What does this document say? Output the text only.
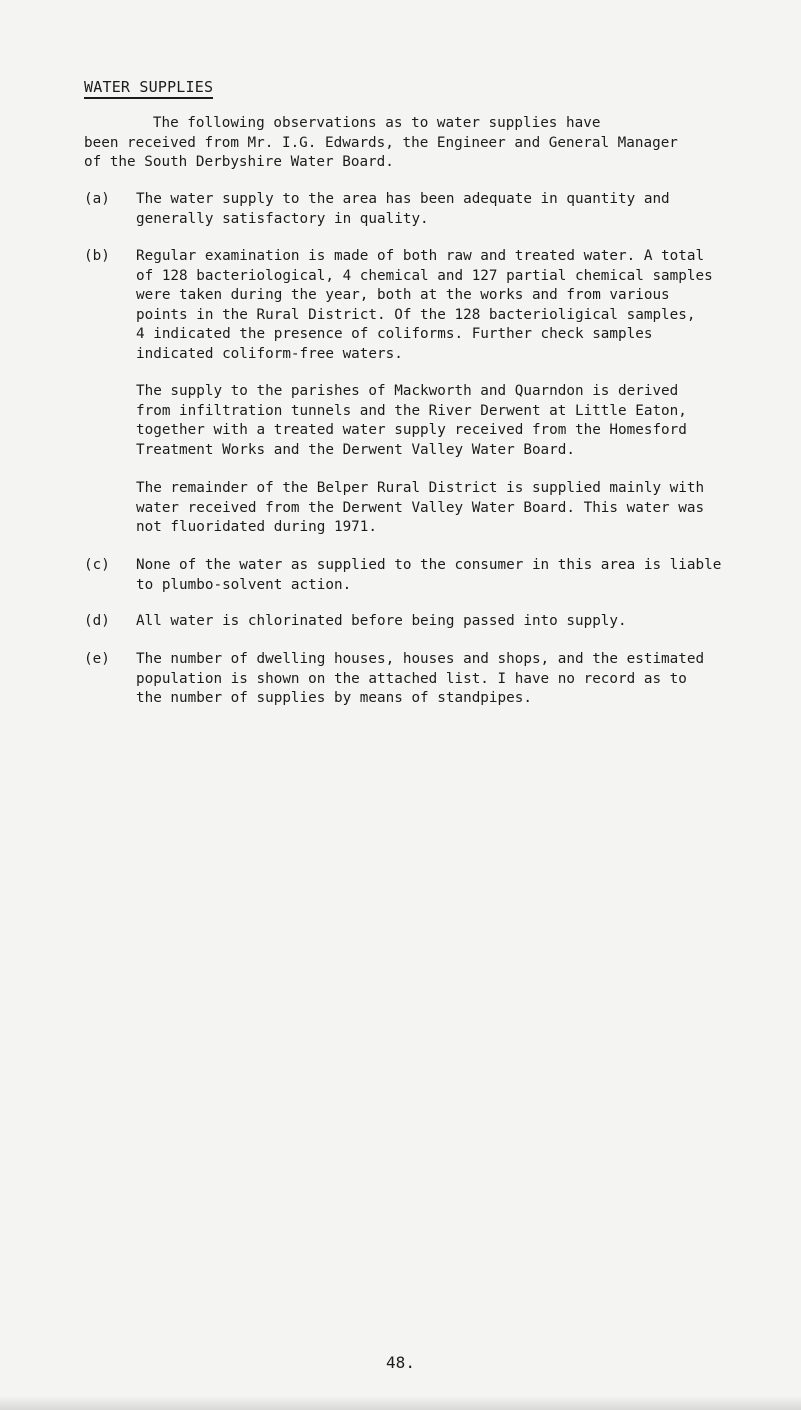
WATER SUPPLIES

The following observations as to water supplies have
been received from Mr. I.G. Edwards, the Engineer and General Manager
of the South Derbyshire Water Board.

(a) The water supply to the area has been adequate in quantity and
generally satisfactory in quality.

(b) Regular examination is made of both raw and treated water. A total
of 128 bacteriological, 4 chemical and 127 partial chemical samples
were taken during the year, both at the works and from various
points in the Rural District. Of the 128 bacterioligical samples,
4 indicated the presence of coliforms. Further check samples
indicated coliform-free waters.

The supply to the parishes of Mackworth and Quarndon is derived
from infiltration tunnels and the River Derwent at Little Eaton,
together with a treated water supply received from the Homesford
Treatment Works and the Derwent Valley Water Board.

The remainder of the Belper Rural District is supplied mainly with
water received from the Derwent Valley Water Board. This water was
not fluoridated during 1971.

(c) None of the water as supplied to the consumer in this area is liable
to plumbo-solvent action.

(d) All water is chlorinated before being passed into supply.

(e) The number of dwelling houses, houses and shops, and the estimated
population is shown on the attached list. I have no record as to
the number of supplies by means of standpipes.

48.
